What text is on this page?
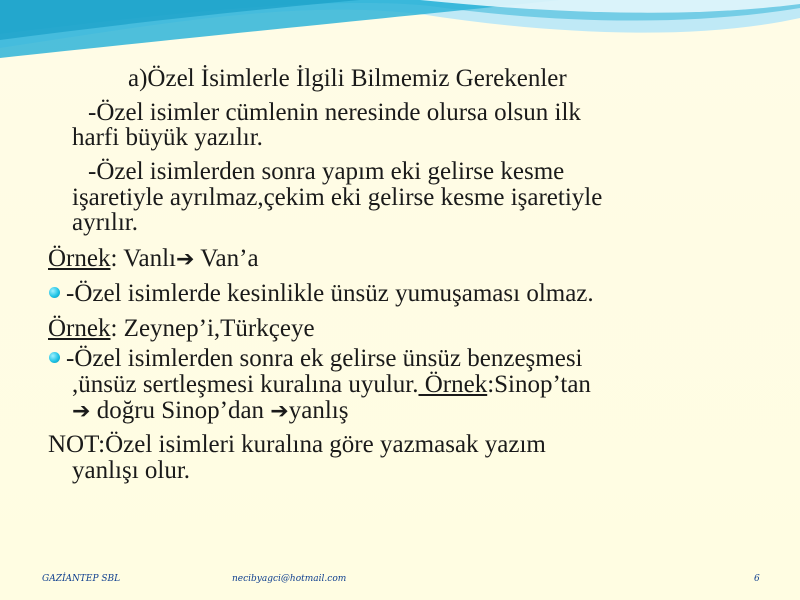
a)Özel İsimlerle İlgili Bilmemiz Gerekenler
-Özel isimler cümlenin neresinde olursa olsun ilk
harfi büyük yazılır.
-Özel isimlerden sonra yapım eki gelirse kesme
işaretiyle ayrılmaz,çekim eki gelirse kesme işaretiyle
ayrılır.
Örnek: Vanlı➔ Van’a
-Özel isimlerde kesinlikle ünsüz yumuşaması olmaz.
Örnek: Zeynep’i,Türkçeye
-Özel isimlerden sonra ek gelirse ünsüz benzeşmesi
,ünsüz sertleşmesi kuralına uyulur. Örnek:Sinop’tan
➔ doğru Sinop’dan ➔yanlış
NOT:Özel isimleri kuralına göre yazmasak yazım
yanlışı olur.
GAZİANTEP SBL	necibyagci@hotmail.com	6
